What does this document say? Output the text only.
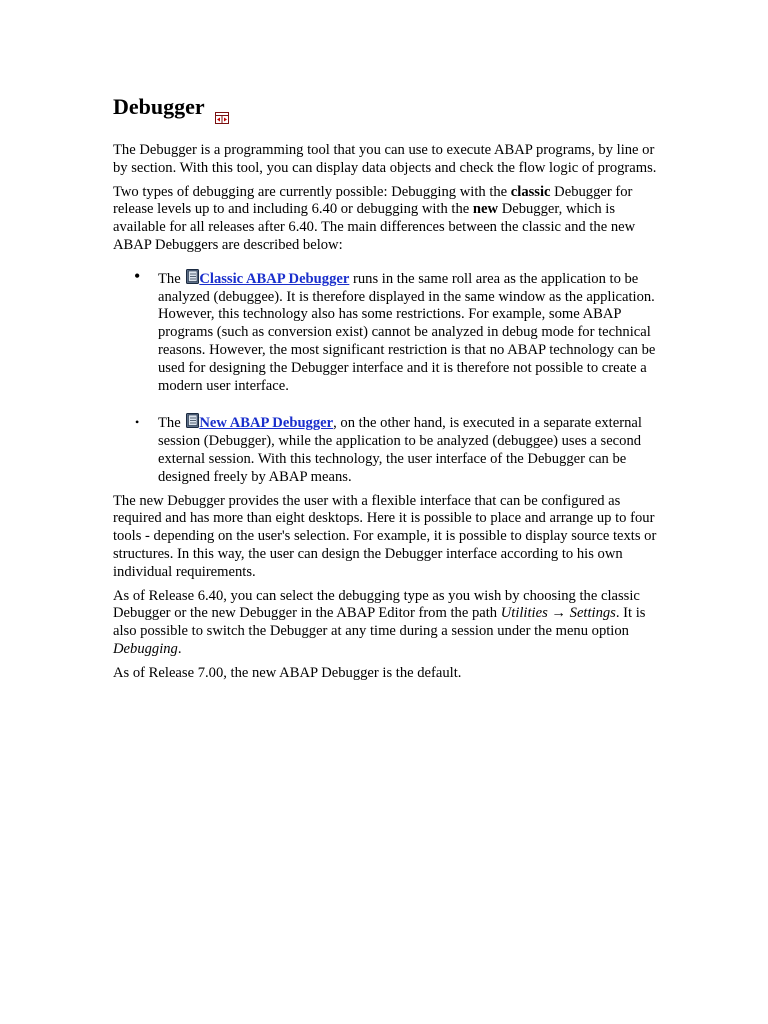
Debugger

The Debugger is a programming tool that you can use to execute ABAP programs, by line or by section. With this tool, you can display data objects and check the flow logic of programs.

Two types of debugging are currently possible: Debugging with the classic Debugger for release levels up to and including 6.40 or debugging with the new Debugger, which is available for all releases after 6.40. The main differences between the classic and the new ABAP Debuggers are described below:

• The Classic ABAP Debugger runs in the same roll area as the application to be analyzed (debuggee). It is therefore displayed in the same window as the application. However, this technology also has some restrictions. For example, some ABAP programs (such as conversion exist) cannot be analyzed in debug mode for technical reasons. However, the most significant restriction is that no ABAP technology can be used for designing the Debugger interface and it is therefore not possible to create a modern user interface.
• The New ABAP Debugger, on the other hand, is executed in a separate external session (Debugger), while the application to be analyzed (debuggee) uses a second external session. With this technology, the user interface of the Debugger can be designed freely by ABAP means.

The new Debugger provides the user with a flexible interface that can be configured as required and has more than eight desktops. Here it is possible to place and arrange up to four tools - depending on the user's selection. For example, it is possible to display source texts or structures. In this way, the user can design the Debugger interface according to his own individual requirements.

As of Release 6.40, you can select the debugging type as you wish by choosing the classic Debugger or the new Debugger in the ABAP Editor from the path Utilities → Settings. It is also possible to switch the Debugger at any time during a session under the menu option Debugging.

As of Release 7.00, the new ABAP Debugger is the default.
